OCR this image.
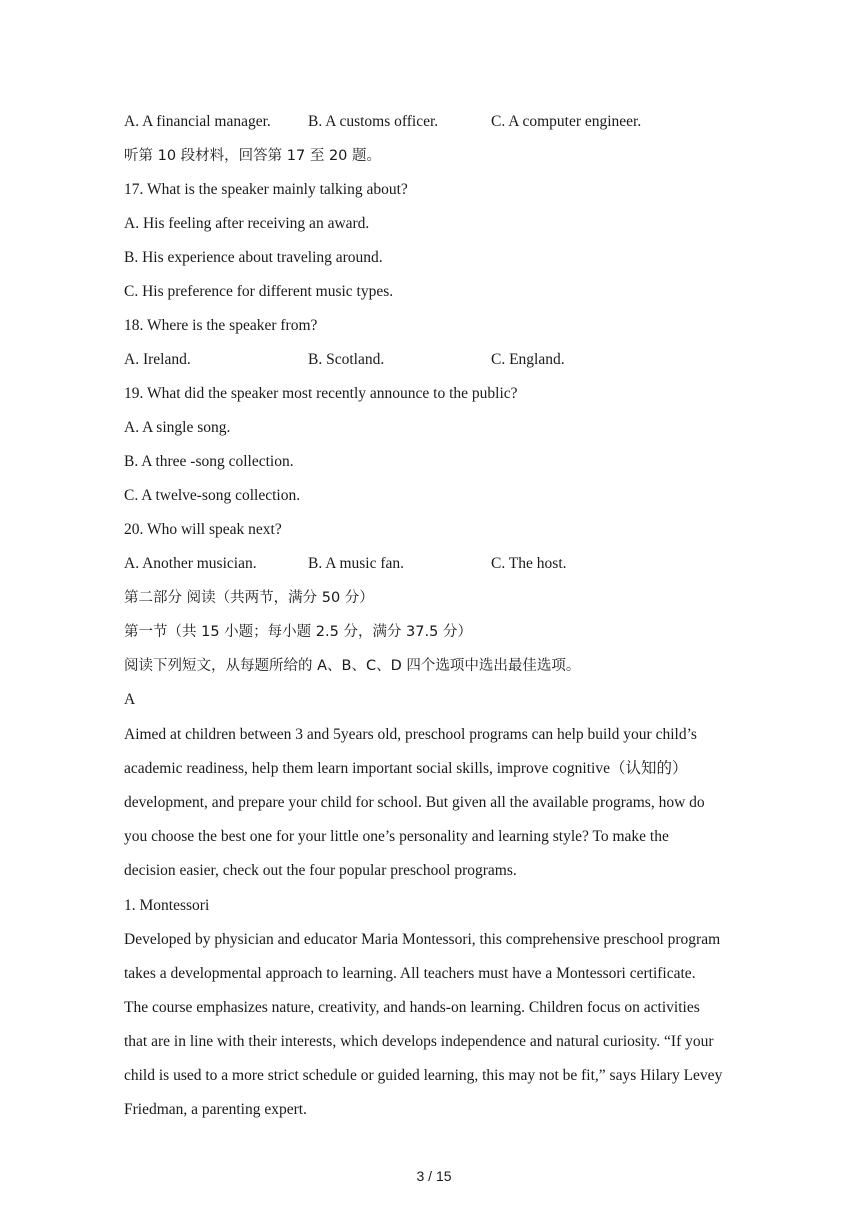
A. A financial manager. B. A customs officer.	C. A computer engineer.
听第 10 段材料，回答第 17 至 20 题。
17. What is the speaker mainly talking about?
A. His feeling after receiving an award.
B. His experience about traveling around.
C. His preference for different music types.
18. Where is the speaker from?
A. Ireland.	B. Scotland.	C. England.
19. What did the speaker most recently announce to the public?
A. A single song.
B. A three -song collection.
C. A twelve-song collection.
20. Who will speak next?
A. Another musician.	B. A music fan.	C. The host.
第二部分 阅读（共两节，满分 50 分）
第一节（共 15 小题；每小题 2.5 分，满分 37.5 分）
阅读下列短文，从每题所给的 A、B、C、D 四个选项中选出最佳选项。
A
Aimed at children between 3 and 5years old, preschool programs can help build your child’s
academic readiness, help them learn important social skills, improve cognitive（认知的）
development, and prepare your child for school. But given all the available programs, how do
you choose the best one for your little one’s personality and learning style? To make the
decision easier, check out the four popular preschool programs.
1. Montessori
Developed by physician and educator Maria Montessori, this comprehensive preschool program
takes a developmental approach to learning. All teachers must have a Montessori certificate.
The course emphasizes nature, creativity, and hands-on learning. Children focus on activities
that are in line with their interests, which develops independence and natural curiosity. “If your
child is used to a more strict schedule or guided learning, this may not be fit,” says Hilary Levey
Friedman, a parenting expert.
3 / 15
